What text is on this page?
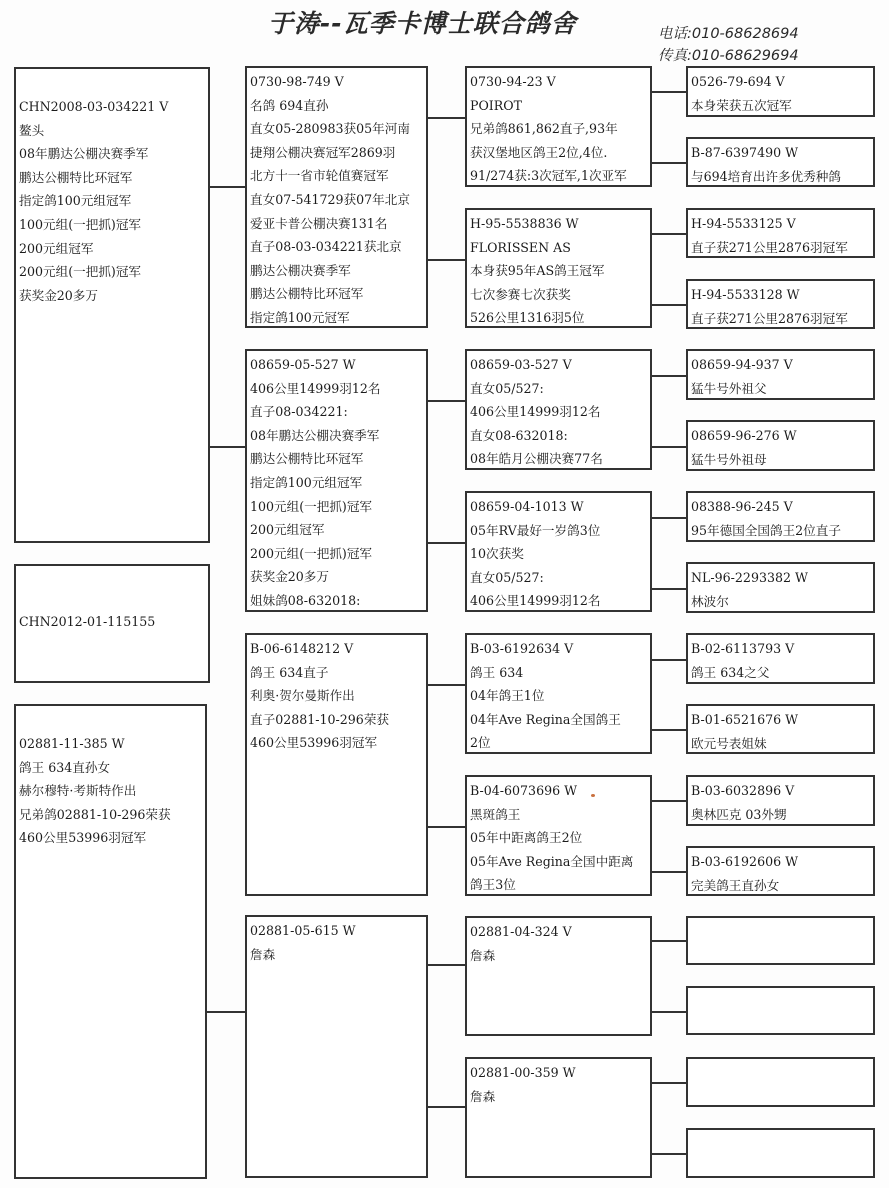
于涛--瓦季卡博士联合鸽舍	电话:010-68628694
传真:010-68629694
CHN2008-03-034221 V
鳌头
08年鹏达公棚决赛季军
鹏达公棚特比环冠军
指定鸽100元组冠军
100元组(一把抓)冠军
200元组冠军
200元组(一把抓)冠军
获奖金20多万
CHN2012-01-115155
02881-11-385 W
鸽王 634直孙女
赫尔穆特·考斯特作出
兄弟鸽02881-10-296荣获
460公里53996羽冠军
0730-98-749 V
名鸽 694直孙
直女05-280983获05年河南
捷翔公棚决赛冠军2869羽
北方十一省市轮值赛冠军
直女07-541729获07年北京
爱亚卡普公棚决赛131名
直子08-03-034221获北京
鹏达公棚决赛季军
鹏达公棚特比环冠军
指定鸽100元冠军
08659-05-527 W
406公里14999羽12名
直子08-034221:
08年鹏达公棚决赛季军
鹏达公棚特比环冠军
指定鸽100元组冠军
100元组(一把抓)冠军
200元组冠军
200元组(一把抓)冠军
获奖金20多万
姐妹鸽08-632018:
B-06-6148212 V
鸽王 634直子
利奥·贺尔曼斯作出
直子02881-10-296荣获
460公里53996羽冠军
02881-05-615 W
詹森
0730-94-23 V
POIROT
兄弟鸽861,862直子,93年
获汉堡地区鸽王2位,4位.
91/274获:3次冠军,1次亚军
H-95-5538836 W
FLORISSEN AS
本身获95年AS鸽王冠军
七次参赛七次获奖
526公里1316羽5位
08659-03-527 V
直女05/527:
406公里14999羽12名
直女08-632018:
08年皓月公棚决赛77名
08659-04-1013 W
05年RV最好一岁鸽3位
10次获奖
直女05/527:
406公里14999羽12名
B-03-6192634 V
鸽王 634
04年鸽王1位
04年Ave Regina全国鸽王
2位
B-04-6073696 W
黑斑鸽王
05年中距离鸽王2位
05年Ave Regina全国中距离
鸽王3位
02881-04-324 V
詹森
02881-00-359 W
詹森
0526-79-694 V
本身荣获五次冠军
B-87-6397490 W
与694培育出许多优秀种鸽
H-94-5533125 V
直子获271公里2876羽冠军
H-94-5533128 W
直子获271公里2876羽冠军
08659-94-937 V
猛牛号外祖父
08659-96-276 W
猛牛号外祖母
08388-96-245 V
95年德国全国鸽王2位直子
NL-96-2293382 W
林波尔
B-02-6113793 V
鸽王 634之父
B-01-6521676 W
欧元号表姐妹
B-03-6032896 V
奥林匹克 03外甥
B-03-6192606 W
完美鸽王直孙女
